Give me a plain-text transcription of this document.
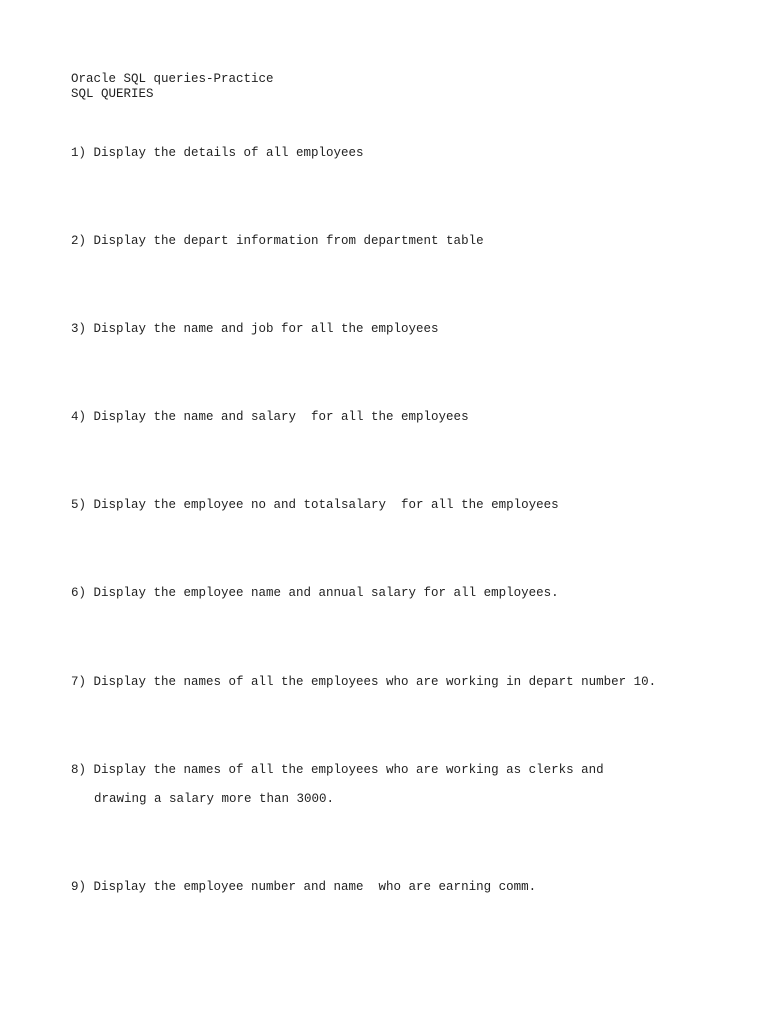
Oracle SQL queries-Practice
SQL QUERIES
1) Display the details of all employees
2) Display the depart information from department table
3) Display the name and job for all the employees
4) Display the name and salary  for all the employees
5) Display the employee no and totalsalary  for all the employees
6) Display the employee name and annual salary for all employees.
7) Display the names of all the employees who are working in depart number 10.
8) Display the names of all the employees who are working as clerks and
drawing a salary more than 3000.
9) Display the employee number and name  who are earning comm.
